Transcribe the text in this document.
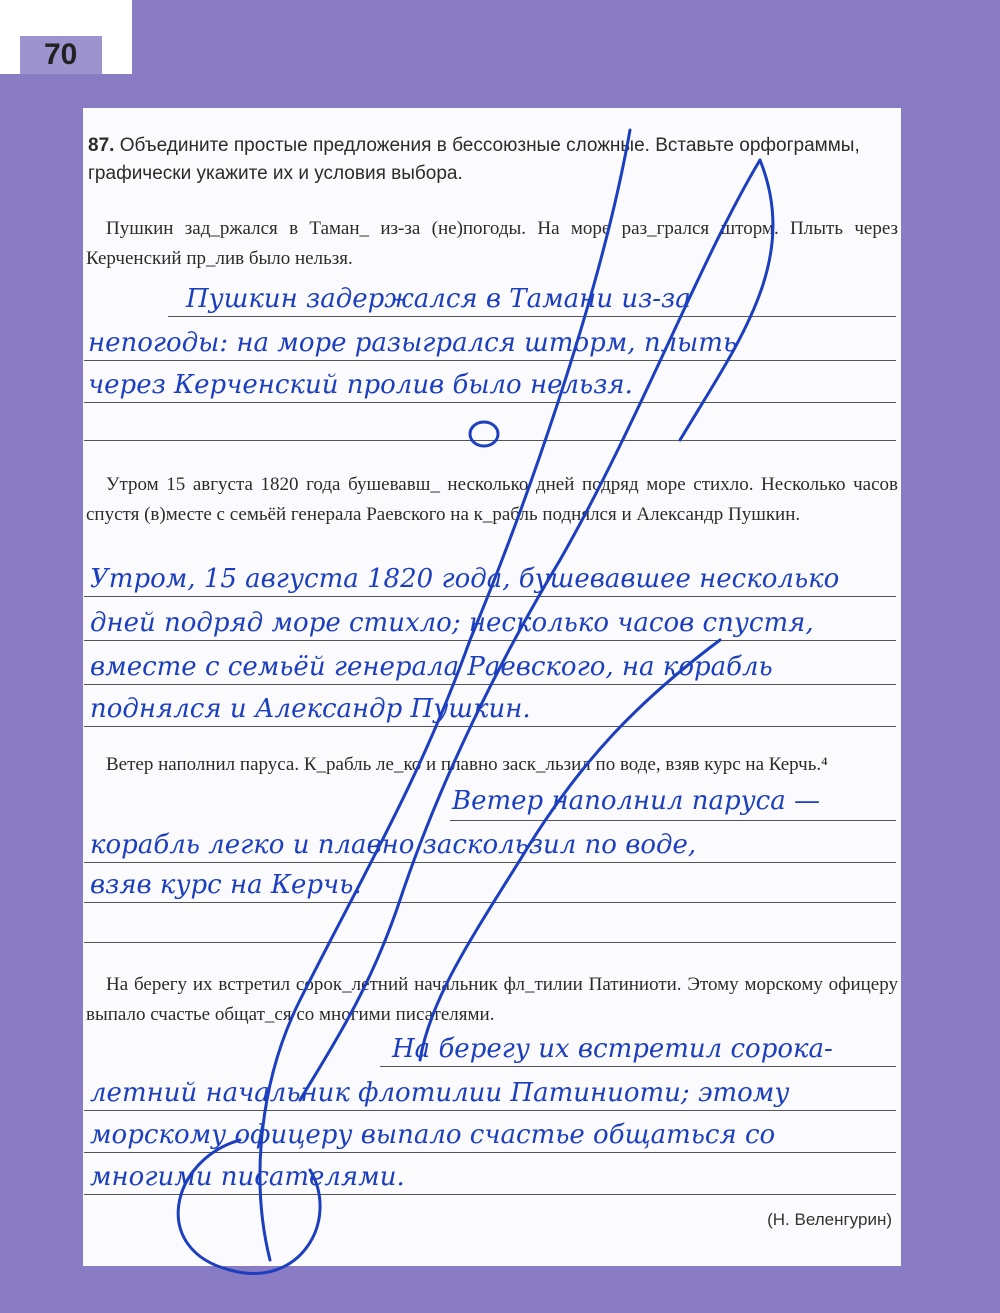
70
87. Объедините простые предложения в бессоюзные сложные. Вставьте орфограммы, графически укажите их и условия выбора.
Пушкин зад_ржался в Таман_ из-за (не)погоды. На море раз_грался шторм. Плыть через Керченский пр_лив было нельзя.
Пушкин задержался в Тамани из-за
непогоды: на море разыгрался шторм, плыть
через Керченский пролив было нельзя.
Утром 15 августа 1820 года бушевавш_ несколько дней подряд море стихло. Несколько часов спустя (в)месте с семьёй генерала Раевского на к_рабль поднялся и Александр Пушкин.
Утром, 15 августа 1820 года, бушевавшее несколько
дней подряд море стихло; несколько часов спустя,
вместе с семьёй генерала Раевского, на корабль
поднялся и Александр Пушкин.
Ветер наполнил паруса. К_рабль ле_ко и плавно заск_льзил по воде, взяв курс на Керчь.⁴
Ветер наполнил паруса —
корабль легко и плавно заскользил по воде,
взяв курс на Керчь.
На берегу их встретил сорок_летний начальник фл_тилии Патиниоти. Этому морскому офицеру выпало счастье общат_ся со многими писателями.
На берегу их встретил сорока-
летний начальник флотилии Патиниоти; этому
морскому офицеру выпало счастье общаться со
многими писателями.
(Н. Веленгурин)
